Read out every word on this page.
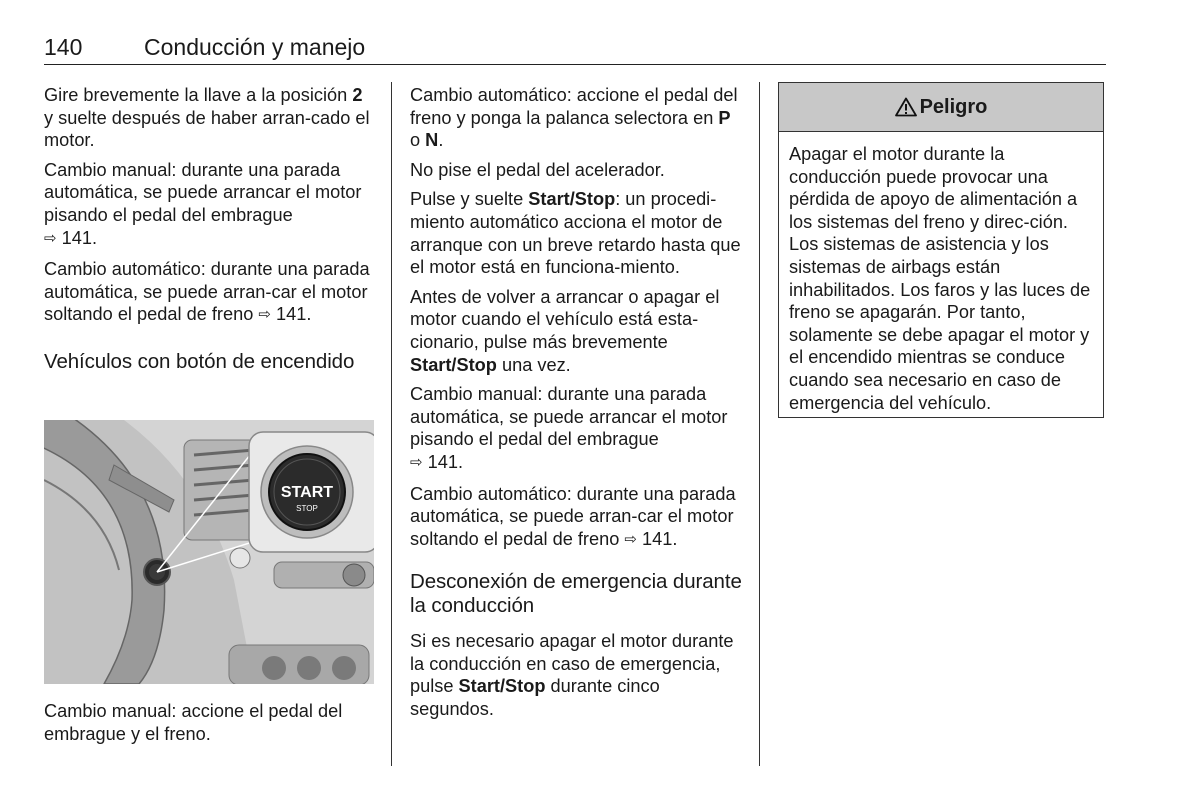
140	Conducción y manejo

Gire brevemente la llave a la posición 2 y suelte después de haber arran-cado el motor.

Cambio manual: durante una parada automática, se puede arrancar el motor pisando el pedal del embrague
⇨ 141.

Cambio automático: durante una parada automática, se puede arran-car el motor soltando el pedal de freno ⇨ 141.

Vehículos con botón de encendido
START
STOP
Cambio manual: accione el pedal del embrague y el freno.

Cambio automático: accione el pedal del freno y ponga la palanca selectora en P o N.

No pise el pedal del acelerador.

Pulse y suelte Start/Stop: un procedi-miento automático acciona el motor de arranque con un breve retardo hasta que el motor está en funciona-miento.

Antes de volver a arrancar o apagar el motor cuando el vehículo está esta-cionario, pulse más brevemente Start/Stop una vez.

Cambio manual: durante una parada automática, se puede arrancar el motor pisando el pedal del embrague
⇨ 141.

Cambio automático: durante una parada automática, se puede arran-car el motor soltando el pedal de freno ⇨ 141.

Desconexión de emergencia durante la conducción

Si es necesario apagar el motor durante la conducción en caso de emergencia, pulse Start/Stop durante cinco segundos.

Peligro
Apagar el motor durante la conducción puede provocar una pérdida de apoyo de alimentación a los sistemas del freno y direc-ción. Los sistemas de asistencia y los sistemas de airbags están inhabilitados. Los faros y las luces de freno se apagarán. Por tanto, solamente se debe apagar el motor y el encendido mientras se conduce cuando sea necesario en caso de emergencia del vehículo.
